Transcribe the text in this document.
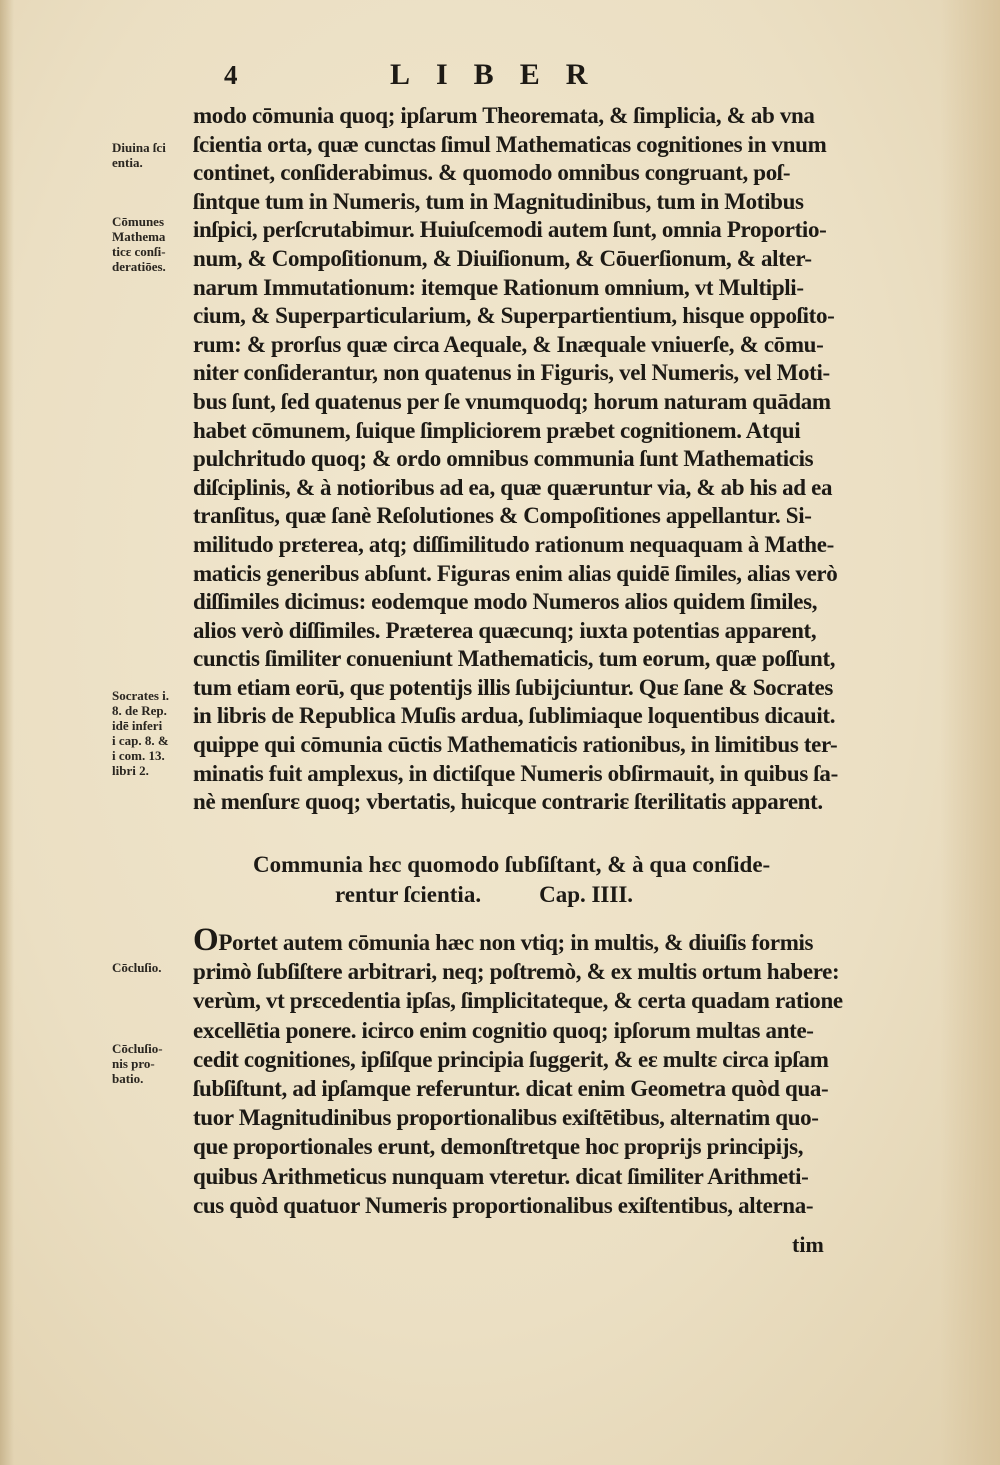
4	LIBER
Diuina ſci
entia.
Cōmunes
Mathema
ticɛ conſi-
deratiōes.
Socrates i.
8. de Rep.
idē inferi
i cap. 8. &
i com. 13.
libri 2.
Cōcluſio.
Cōcluſio-
nis pro-
batio.
modo cōmunia quoq; ipſarum Theoremata, & ſimplicia, & ab vna
ſcientia orta, quæ cunctas ſimul Mathematicas cognitiones in vnum
continet, conſiderabimus. & quomodo omnibus congruant, poſ-
ſintque tum in Numeris, tum in Magnitudinibus, tum in Motibus
inſpici, perſcrutabimur. Huiuſcemodi autem ſunt, omnia Proportio-
num, & Compoſitionum, & Diuiſionum, & Cōuerſionum, & alter-
narum Immutationum: itemque Rationum omnium, vt Multipli-
cium, & Superparticularium, & Superpartientium, hisque oppoſito-
rum: & prorſus quæ circa Aequale, & Inæquale vniuerſe, & cōmu-
niter conſiderantur, non quatenus in Figuris, vel Numeris, vel Moti-
bus ſunt, ſed quatenus per ſe vnumquodq; horum naturam quādam
habet cōmunem, ſuique ſimpliciorem præbet cognitionem. Atqui
pulchritudo quoq; & ordo omnibus communia ſunt Mathematicis
diſciplinis, & à notioribus ad ea, quæ quæruntur via, & ab his ad ea
tranſitus, quæ ſanè Reſolutiones & Compoſitiones appellantur. Si-
militudo prɛterea, atq; diſſimilitudo rationum nequaquam à Mathe-
maticis generibus abſunt. Figuras enim alias quidē ſimiles, alias verò
diſſimiles dicimus: eodemque modo Numeros alios quidem ſimiles,
alios verò diſſimiles. Præterea quæcunq; iuxta potentias apparent,
cunctis ſimiliter conueniunt Mathematicis, tum eorum, quæ poſſunt,
tum etiam eorū, quɛ potentijs illis ſubijciuntur. Quɛ ſane & Socrates
in libris de Republica Muſis ardua, ſublimiaque loquentibus dicauit.
quippe qui cōmunia cūctis Mathematicis rationibus, in limitibus ter-
minatis fuit amplexus, in dictiſque Numeris obſirmauit, in quibus ſa-
nè menſurɛ quoq; vbertatis, huicque contrariɛ ſterilitatis apparent.
Communia hɛc quomodo ſubſiſtant, & à qua conſide-
rentur ſcientia.	Cap. IIII.
OPortet autem cōmunia hæc non vtiq; in multis, & diuiſis formis
primò ſubſiſtere arbitrari, neq; poſtremò, & ex multis ortum habere:
verùm, vt prɛcedentia ipſas, ſimplicitateque, & certa quadam ratione
excellētia ponere. icirco enim cognitio quoq; ipſorum multas ante-
cedit cognitiones, ipſiſque principia ſuggerit, & eɛ multɛ circa ipſam
ſubſiſtunt, ad ipſamque referuntur. dicat enim Geometra quòd qua-
tuor Magnitudinibus proportionalibus exiſtētibus, alternatim quo-
que proportionales erunt, demonſtretque hoc proprijs principijs,
quibus Arithmeticus nunquam vteretur. dicat ſimiliter Arithmeti-
cus quòd quatuor Numeris proportionalibus exiſtentibus, alterna-
tim
